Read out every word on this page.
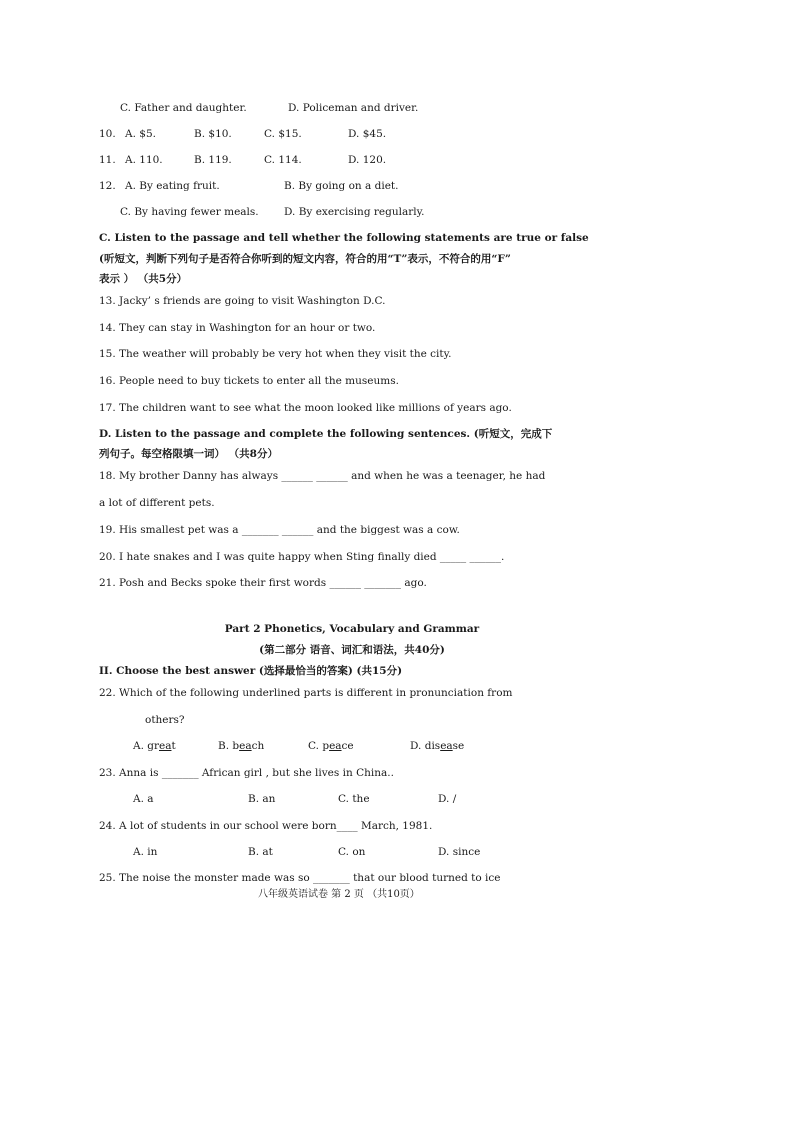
C. Father and daughter.	D. Policeman and driver.
10. A. $5.	B. $10.	C. $15.	D. $45.
11. A. 110.	B. 119.	C. 114.	D. 120.
12. A. By eating fruit.	B. By going on a diet.
C. By having fewer meals. D. By exercising regularly.
C. Listen to the passage and tell whether the following statements are true or false
(听短文，判断下列句子是否符合你听到的短文内容，符合的用“T”表示，不符合的用“F”
表示 ） （共5分）
13. Jacky’ s friends are going to visit Washington D.C.
14. They can stay in Washington for an hour or two.
15. The weather will probably be very hot when they visit the city.
16. People need to buy tickets to enter all the museums.
17. The children want to see what the moon looked like millions of years ago.
D. Listen to the passage and complete the following sentences. (听短文，完成下
列句子。每空格限填一词） （共8分）
18. My brother Danny has always ______ ______ and when he was a teenager, he had
a lot of different pets.
19. His smallest pet was a _______ ______ and the biggest was a cow.
20. I hate snakes and I was quite happy when Sting finally died _____ ______.
21. Posh and Becks spoke their first words ______ _______ ago.
Part 2 Phonetics, Vocabulary and Grammar
(第二部分 语音、词汇和语法，共40分)
II. Choose the best answer (选择最恰当的答案) (共15分)
22. Which of the following underlined parts is different in pronunciation from
others?
A. great	B. beach	C. peace	D. disease
23. Anna is _______ African girl , but she lives in China..
A. a	B. an	C. the	D. /
24. A lot of students in our school were born____ March, 1981.
A. in	B. at	C. on	D. since
25. The noise the monster made was so _______ that our blood turned to ice
八年级英语试卷 第 2 页 （共10页）
